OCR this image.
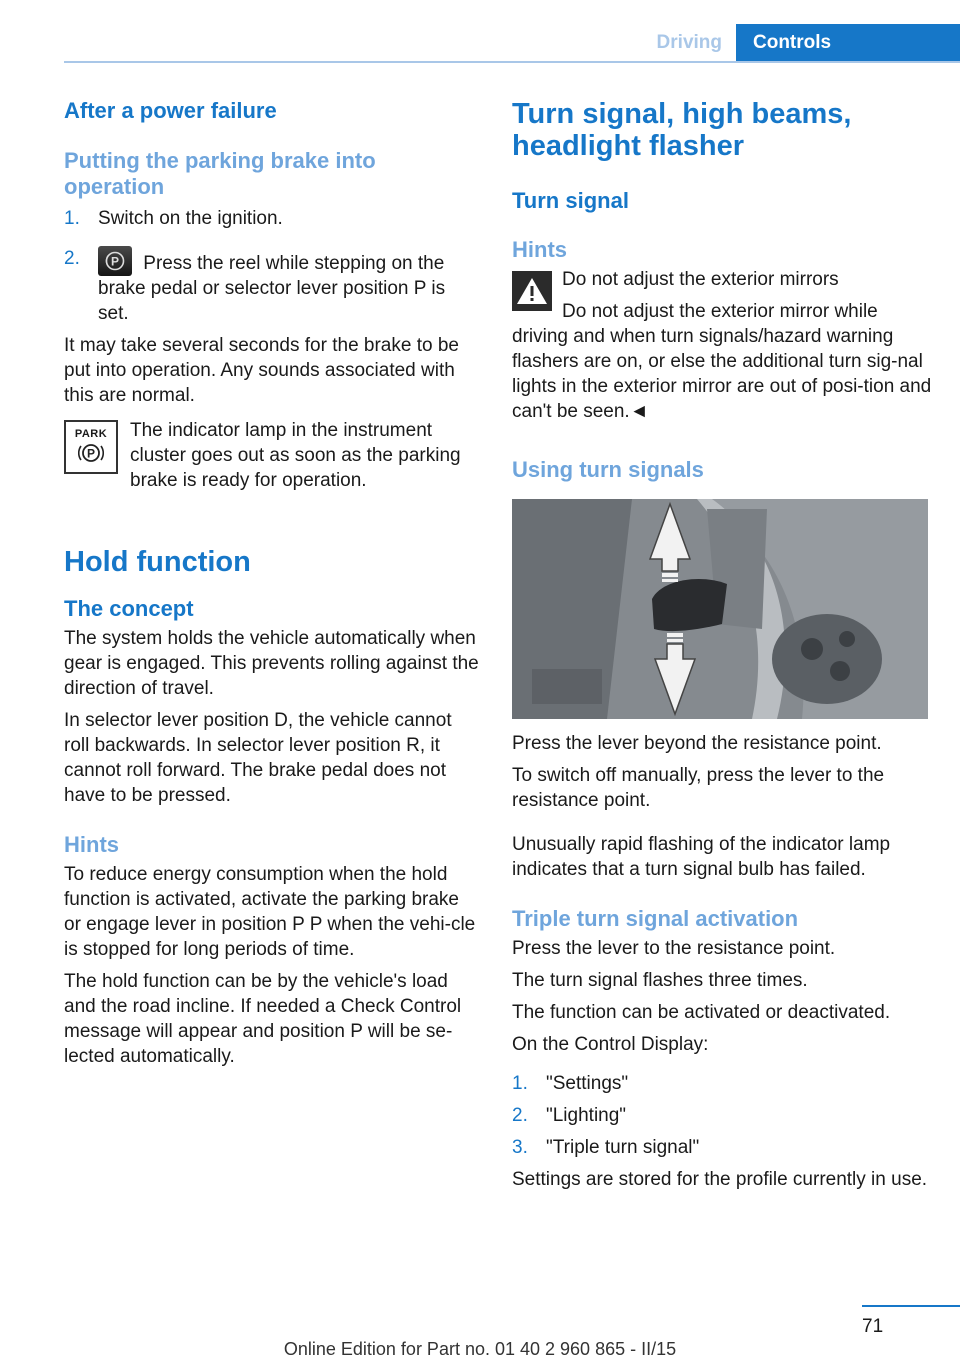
Driving	Controls
After a power failure
Putting the parking brake into operation
1. Switch on the ignition.
2.	P Press the reel while stepping on the brake pedal or selector lever position P is set.

It may take several seconds for the brake to be put into operation. Any sounds associated with this are normal.

PARK
P

The indicator lamp in the instrument cluster goes out as soon as the parking brake is ready for operation.

Hold function
The concept

The system holds the vehicle automatically when gear is engaged. This prevents rolling against the direction of travel.

In selector lever position D, the vehicle cannot roll backwards. In selector lever position R, it cannot roll forward. The brake pedal does not have to be pressed.

Hints

To reduce energy consumption when the hold function is activated, activate the parking brake or engage lever in position P P when the vehi‐cle is stopped for long periods of time.

The hold function can be by the vehicle's load and the road incline. If needed a Check Control message will appear and position P will be se‐lected automatically.

Turn signal, high beams, headlight flasher
Turn signal
Hints

Do not adjust the exterior mirrors

Do not adjust the exterior mirror while driving and when turn signals/hazard warning flashers are on, or else the additional turn sig‐nal lights in the exterior mirror are out of posi‐tion and can't be seen.◄

Using turn signals

Press the lever beyond the resistance point.

To switch off manually, press the lever to the resistance point.

Unusually rapid flashing of the indicator lamp indicates that a turn signal bulb has failed.

Triple turn signal activation

Press the lever to the resistance point.

The turn signal flashes three times.

The function can be activated or deactivated.

On the Control Display:

1. "Settings"
2. "Lighting"
3. "Triple turn signal"

Settings are stored for the profile currently in use.

71
Online Edition for Part no. 01 40 2 960 865 - II/15
